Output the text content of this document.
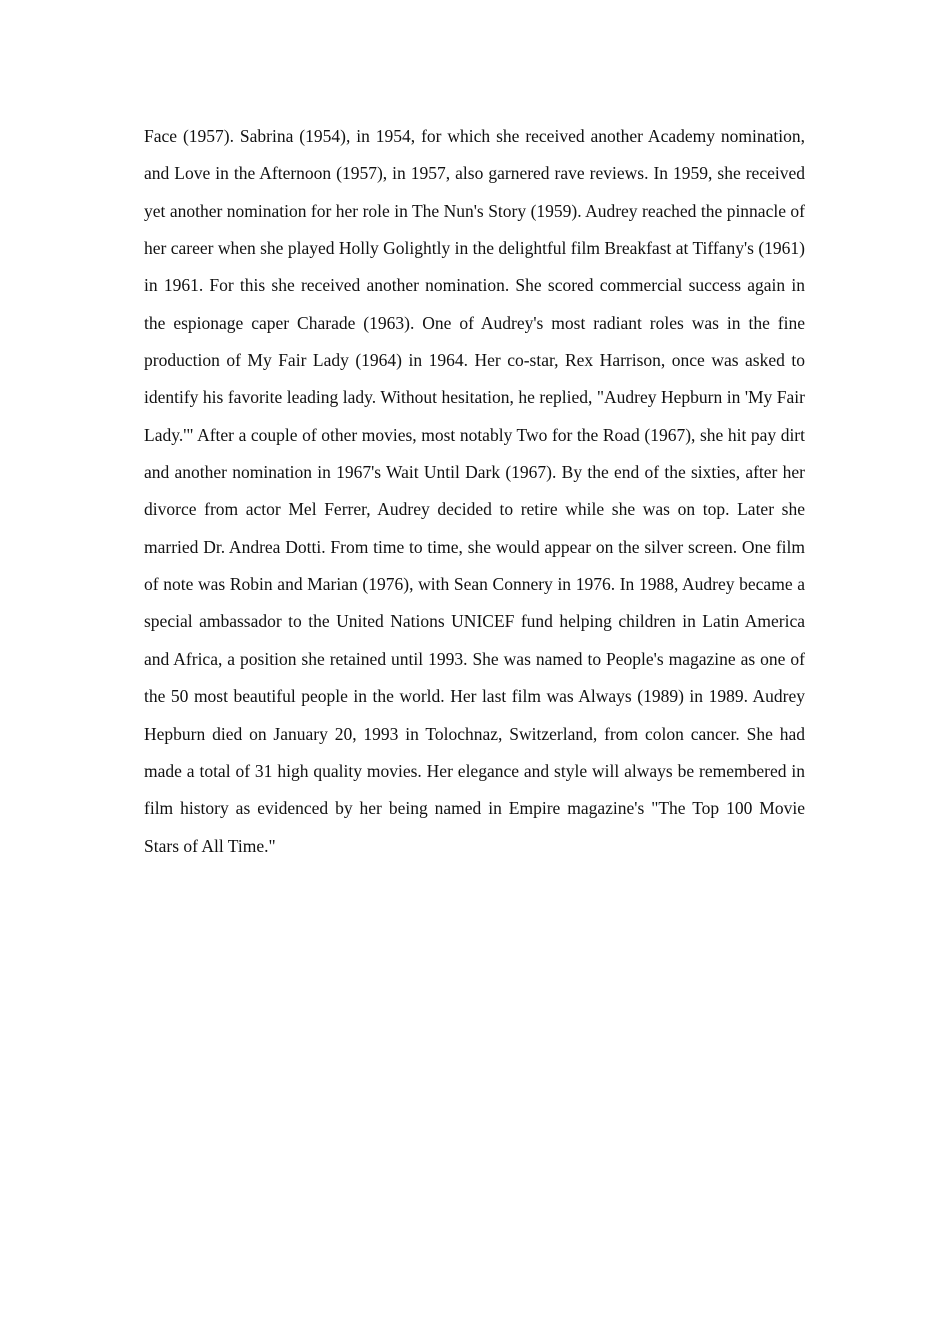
Face (1957). Sabrina (1954), in 1954, for which she received another Academy nomination, and Love in the Afternoon (1957), in 1957, also garnered rave reviews. In 1959, she received yet another nomination for her role in The Nun's Story (1959). Audrey reached the pinnacle of her career when she played Holly Golightly in the delightful film Breakfast at Tiffany's (1961) in 1961. For this she received another nomination. She scored commercial success again in the espionage caper Charade (1963). One of Audrey's most radiant roles was in the fine production of My Fair Lady (1964) in 1964. Her co-star, Rex Harrison, once was asked to identify his favorite leading lady. Without hesitation, he replied, "Audrey Hepburn in 'My Fair Lady.'" After a couple of other movies, most notably Two for the Road (1967), she hit pay dirt and another nomination in 1967's Wait Until Dark (1967). By the end of the sixties, after her divorce from actor Mel Ferrer, Audrey decided to retire while she was on top. Later she married Dr. Andrea Dotti. From time to time, she would appear on the silver screen. One film of note was Robin and Marian (1976), with Sean Connery in 1976. In 1988, Audrey became a special ambassador to the United Nations UNICEF fund helping children in Latin America and Africa, a position she retained until 1993. She was named to People's magazine as one of the 50 most beautiful people in the world. Her last film was Always (1989) in 1989. Audrey Hepburn died on January 20, 1993 in Tolochnaz, Switzerland, from colon cancer. She had made a total of 31 high quality movies. Her elegance and style will always be remembered in film history as evidenced by her being named in Empire magazine's "The Top 100 Movie Stars of All Time."
